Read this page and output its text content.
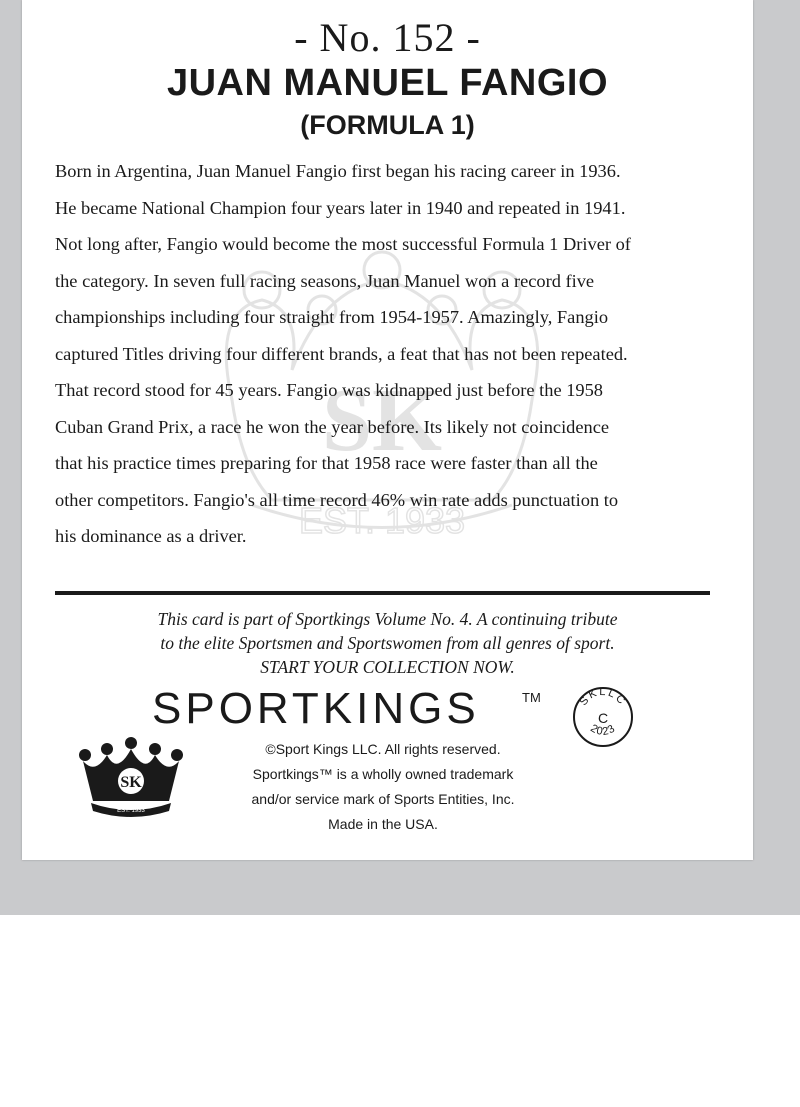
SK
EST. 1933
- No. 152 -
JUAN MANUEL FANGIO
(FORMULA 1)
Born in Argentina, Juan Manuel Fangio first began his racing career in 1936.
He became National Champion four years later in 1940 and repeated in 1941.
Not long after, Fangio would become the most successful Formula 1 Driver of
the category. In seven full racing seasons, Juan Manuel won a record five
championships including four straight from 1954-1957. Amazingly, Fangio
captured Titles driving four different brands, a feat that has not been repeated.
That record stood for 45 years. Fangio was kidnapped just before the 1958
Cuban Grand Prix, a race he won the year before. Its likely not coincidence
that his practice times preparing for that 1958 race were faster than all the
other competitors. Fangio's all time record 46% win rate adds punctuation to
his dominance as a driver.
This card is part of Sportkings Volume No. 4. A continuing tribute
to the elite Sportsmen and Sportswomen from all genres of sport.
START YOUR COLLECTION NOW.
SPORTKINGS	TM	SKLLC
C
2023
SK
EST. 1933
©Sport Kings LLC. All rights reserved.
Sportkings™ is a wholly owned trademark
and/or service mark of Sports Entities, Inc.
Made in the USA.
